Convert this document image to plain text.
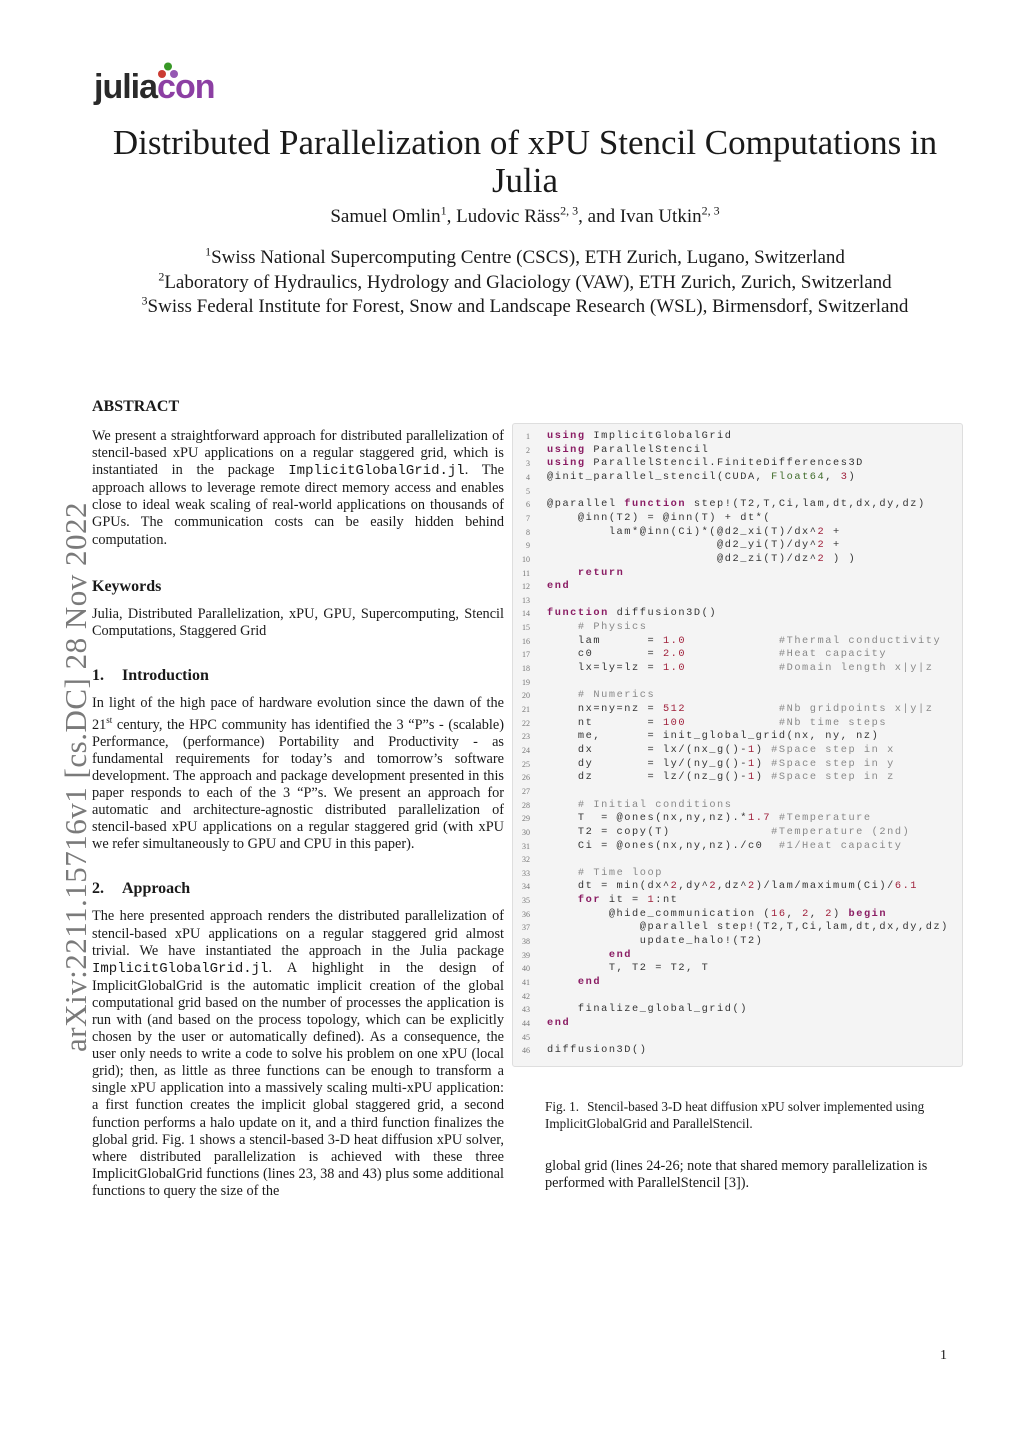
juliacon
arXiv:2211.15716v1 [cs.DC] 28 Nov 2022
Distributed Parallelization of xPU Stencil Computations in Julia
Samuel Omlin$^1$, Ludovic Räss$^{2, 3}$, and Ivan Utkin$^{2, 3}$
$^1$Swiss National Supercomputing Centre (CSCS), ETH Zurich, Lugano, Switzerland
$^2$Laboratory of Hydraulics, Hydrology and Glaciology (VAW), ETH Zurich, Zurich, Switzerland
$^3$Swiss Federal Institute for Forest, Snow and Landscape Research (WSL), Birmensdorf, Switzerland
ABSTRACT

We present a straightforward approach for distributed parallelization of stencil-based xPU applications on a regular staggered grid, which is instantiated in the package ImplicitGlobalGrid.jl. The approach allows to leverage remote direct memory access and enables close to ideal weak scaling of real-world applications on thousands of GPUs. The communication costs can be easily hidden behind computation.

Keywords

Julia, Distributed Parallelization, xPU, GPU, Supercomputing, Stencil Computations, Staggered Grid

1. Introduction

In light of the high pace of hardware evolution since the dawn of the 21st century, the HPC community has identified the 3 “P”s - (scalable) Performance, (performance) Portability and Productivity - as fundamental requirements for today’s and tomorrow’s software development. The approach and package development presented in this paper responds to each of the 3 “P”s. We present an approach for automatic and architecture-agnostic distributed parallelization of stencil-based xPU applications on a regular staggered grid (with xPU we refer simultaneously to GPU and CPU in this paper).

2. Approach

The here presented approach renders the distributed parallelization of stencil-based xPU applications on a regular staggered grid almost trivial. We have instantiated the approach in the Julia package ImplicitGlobalGrid.jl. A highlight in the design of ImplicitGlobalGrid is the automatic implicit creation of the global computational grid based on the number of processes the application is run with (and based on the process topology, which can be explicitly chosen by the user or automatically defined). As a consequence, the user only needs to write a code to solve his problem on one xPU (local grid); then, as little as three functions can be enough to transform a single xPU application into a massively scaling multi-xPU application: a first function creates the implicit global staggered grid, a second function performs a halo update on it, and a third function finalizes the global grid. Fig. 1 shows a stencil-based 3-D heat diffusion xPU solver, where distributed parallelization is achieved with these three ImplicitGlobalGrid functions (lines 23, 38 and 43) plus some additional functions to query the size of the

1 using ImplicitGlobalGrid
2 using ParallelStencil
3 using ParallelStencil.FiniteDifferences3D
4 @init_parallel_stencil(CUDA, Float64, 3)
5
6 @parallel function step!(T2,T,Ci,lam,dt,dx,dy,dz)
7 @inn(T2) = @inn(T) + dt*(
8 lam*@inn(Ci)*(@d2_xi(T)/dx^2 +
9 @d2_yi(T)/dy^2 +
10 @d2_zi(T)/dz^2 ) )
11	return
12 end
13
14 function diffusion3D()
15	# Physics
16 lam      = 1.0	#Thermal conductivity
17 c0       = 2.0	#Heat capacity
18 lx=ly=lz = 1.0	#Domain length x|y|z
19
20	# Numerics
21 nx=ny=nz = 512	#Nb gridpoints x|y|z
22 nt       = 100	#Nb time steps
23 me,      = init_global_grid(nx, ny, nz)
24 dx       = lx/(nx_g()-1) #Space step in x
25 dy       = ly/(ny_g()-1) #Space step in y
26 dz       = lz/(nz_g()-1) #Space step in z
27
28	# Initial conditions
29 T  = @ones(nx,ny,nz).*1.7 #Temperature
30 T2 = copy(T)             #Temperature (2nd)
31 Ci = @ones(nx,ny,nz)./c0  #1/Heat capacity
32
33	# Time loop
34 dt = min(dx^2,dy^2,dz^2)/lam/maximum(Ci)/6.1
35	for it = 1:nt
36 @hide_communication (16, 2, 2) begin
37 @parallel step!(T2,T,Ci,lam,dt,dx,dy,dz)
38 update_halo!(T2)
39	end
40 T, T2 = T2, T
41	end
42
43 finalize_global_grid()
44 end
45
46 diffusion3D()
Fig. 1. Stencil-based 3-D heat diffusion xPU solver implemented using ImplicitGlobalGrid and ParallelStencil.

global grid (lines 24-26; note that shared memory parallelization is performed with ParallelStencil [3]).

1
